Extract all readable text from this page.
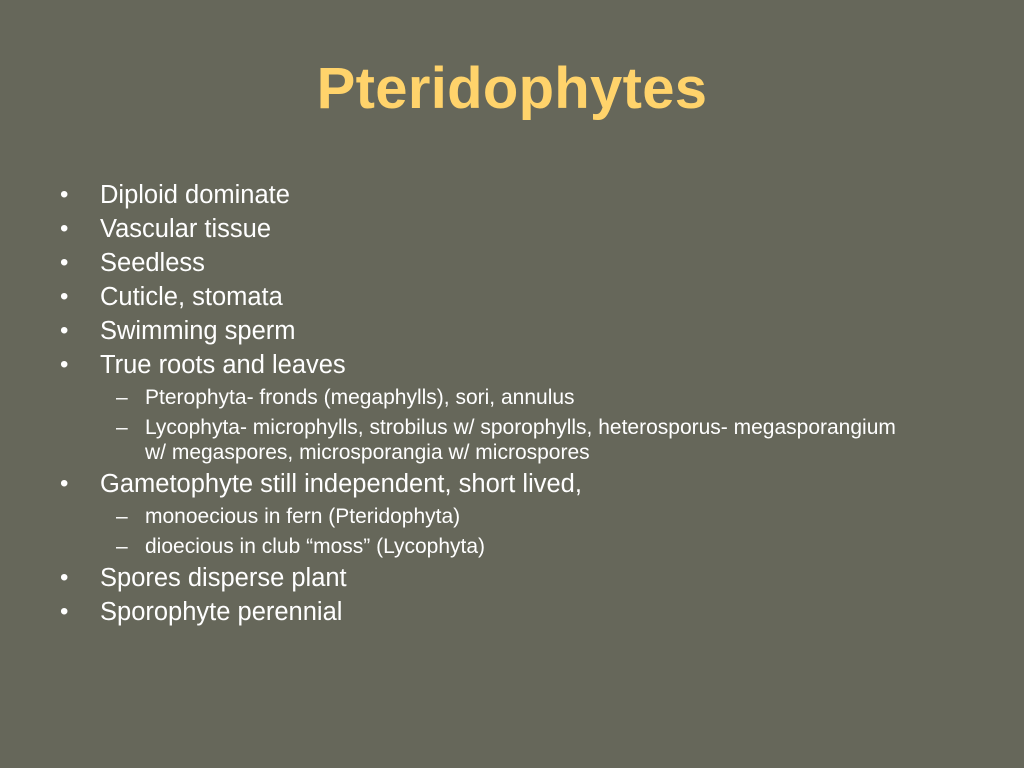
Pteridophytes
•	Diploid dominate
•	Vascular tissue
•	Seedless
•	Cuticle, stomata
•	Swimming sperm
•	True roots and leaves
– Pterophyta- fronds (megaphylls), sori, annulus
– Lycophyta- microphylls, strobilus w/ sporophylls, heterosporus- megasporangium w/ megaspores, microsporangia w/ microspores
•	Gametophyte still independent, short lived,
– monoecious in fern (Pteridophyta)
– dioecious in club “moss” (Lycophyta)
•	Spores disperse plant
•	Sporophyte perennial
